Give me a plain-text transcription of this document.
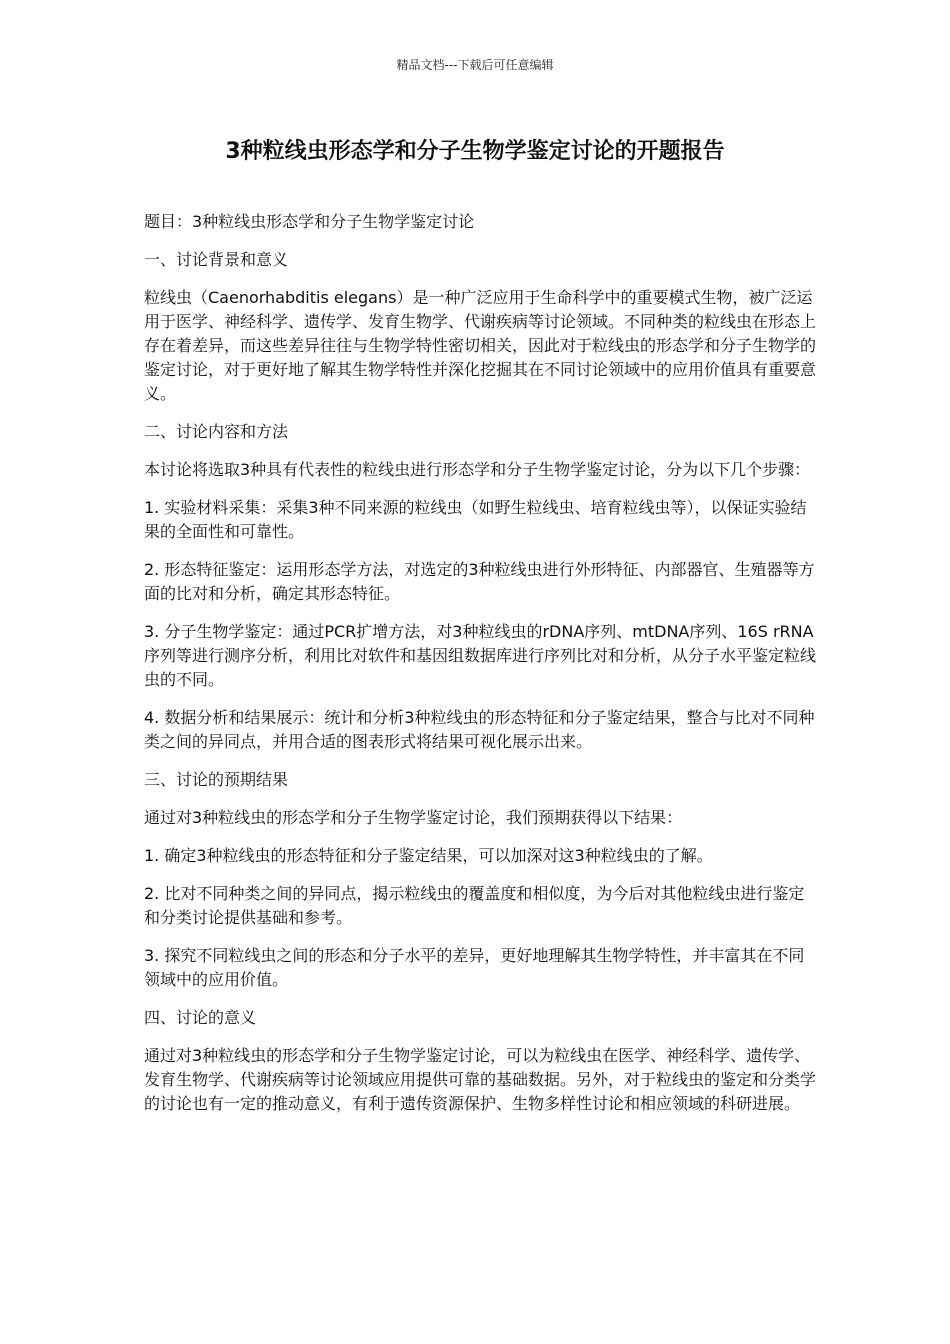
精品文档---下载后可任意编辑
3种粒线虫形态学和分子生物学鉴定讨论的开题报告

题目：3种粒线虫形态学和分子生物学鉴定讨论

一、讨论背景和意义

粒线虫（Caenorhabditis elegans）是一种广泛应用于生命科学中的重要模式生物，被广泛运用于医学、神经科学、遗传学、发育生物学、代谢疾病等讨论领域。不同种类的粒线虫在形态上存在着差异，而这些差异往往与生物学特性密切相关，因此对于粒线虫的形态学和分子生物学的鉴定讨论，对于更好地了解其生物学特性并深化挖掘其在不同讨论领域中的应用价值具有重要意义。

二、讨论内容和方法

本讨论将选取3种具有代表性的粒线虫进行形态学和分子生物学鉴定讨论，分为以下几个步骤：

1. 实验材料采集：采集3种不同来源的粒线虫（如野生粒线虫、培育粒线虫等），以保证实验结果的全面性和可靠性。

2. 形态特征鉴定：运用形态学方法，对选定的3种粒线虫进行外形特征、内部器官、生殖器等方面的比对和分析，确定其形态特征。

3. 分子生物学鉴定：通过PCR扩增方法，对3种粒线虫的rDNA序列、mtDNA序列、16S rRNA序列等进行测序分析，利用比对软件和基因组数据库进行序列比对和分析，从分子水平鉴定粒线虫的不同。

4. 数据分析和结果展示：统计和分析3种粒线虫的形态特征和分子鉴定结果，整合与比对不同种类之间的异同点，并用合适的图表形式将结果可视化展示出来。

三、讨论的预期结果

通过对3种粒线虫的形态学和分子生物学鉴定讨论，我们预期获得以下结果：

1. 确定3种粒线虫的形态特征和分子鉴定结果，可以加深对这3种粒线虫的了解。

2. 比对不同种类之间的异同点，揭示粒线虫的覆盖度和相似度，为今后对其他粒线虫进行鉴定和分类讨论提供基础和参考。

3. 探究不同粒线虫之间的形态和分子水平的差异，更好地理解其生物学特性，并丰富其在不同领域中的应用价值。

四、讨论的意义

通过对3种粒线虫的形态学和分子生物学鉴定讨论，可以为粒线虫在医学、神经科学、遗传学、发育生物学、代谢疾病等讨论领域应用提供可靠的基础数据。另外，对于粒线虫的鉴定和分类学的讨论也有一定的推动意义，有利于遗传资源保护、生物多样性讨论和相应领域的科研进展。
